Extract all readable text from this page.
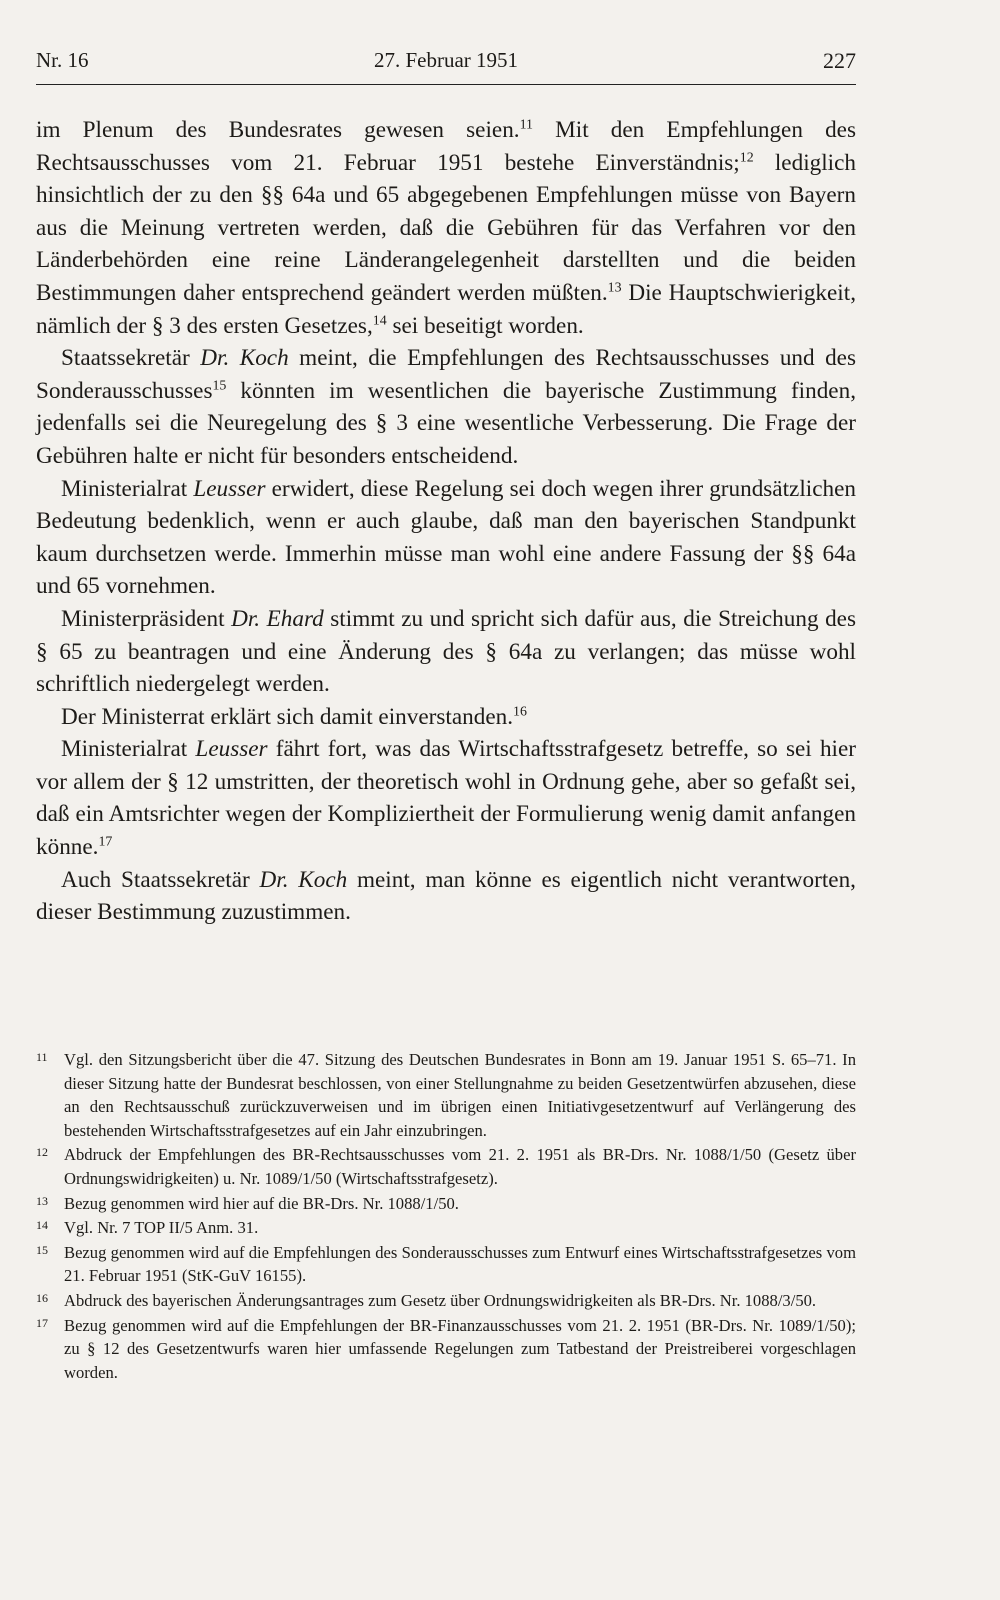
Nr. 16	27. Februar 1951	227

im Plenum des Bundesrates gewesen seien.$^{11}$ Mit den Empfehlungen des Rechtsausschusses vom 21. Februar 1951 bestehe Einverständnis;$^{12}$ lediglich hinsichtlich der zu den §§ 64a und 65 abgegebenen Empfehlungen müsse von Bayern aus die Meinung vertreten werden, daß die Gebühren für das Verfahren vor den Länderbehörden eine reine Länderangelegenheit darstellten und die beiden Bestimmungen daher entsprechend geändert werden müßten.$^{13}$ Die Hauptschwierigkeit, nämlich der § 3 des ersten Gesetzes,$^{14}$ sei beseitigt worden.

Staatssekretär Dr. Koch meint, die Empfehlungen des Rechtsausschusses und des Sonderausschusses$^{15}$ könnten im wesentlichen die bayerische Zustimmung finden, jedenfalls sei die Neuregelung des § 3 eine wesentliche Verbesserung. Die Frage der Gebühren halte er nicht für besonders entscheidend.

Ministerialrat Leusser erwidert, diese Regelung sei doch wegen ihrer grundsätzlichen Bedeutung bedenklich, wenn er auch glaube, daß man den bayerischen Standpunkt kaum durchsetzen werde. Immerhin müsse man wohl eine andere Fassung der §§ 64a und 65 vornehmen.

Ministerpräsident Dr. Ehard stimmt zu und spricht sich dafür aus, die Streichung des § 65 zu beantragen und eine Änderung des § 64a zu verlangen; das müsse wohl schriftlich niedergelegt werden.

Der Ministerrat erklärt sich damit einverstanden.$^{16}$

Ministerialrat Leusser fährt fort, was das Wirtschaftsstrafgesetz betreffe, so sei hier vor allem der § 12 umstritten, der theoretisch wohl in Ordnung gehe, aber so gefaßt sei, daß ein Amtsrichter wegen der Kompliziertheit der Formulierung wenig damit anfangen könne.$^{17}$

Auch Staatssekretär Dr. Koch meint, man könne es eigentlich nicht verantworten, dieser Bestimmung zuzustimmen.

11 Vgl. den Sitzungsbericht über die 47. Sitzung des Deutschen Bundesrates in Bonn am 19. Januar 1951 S. 65–71. In dieser Sitzung hatte der Bundesrat beschlossen, von einer Stellungnahme zu beiden Gesetzentwürfen abzusehen, diese an den Rechtsausschuß zurückzuverweisen und im übrigen einen Initiativgesetzentwurf auf Verlängerung des bestehenden Wirtschaftsstrafgesetzes auf ein Jahr einzubringen.
12 Abdruck der Empfehlungen des BR-Rechtsausschusses vom 21. 2. 1951 als BR-Drs. Nr. 1088/1/50 (Gesetz über Ordnungswidrigkeiten) u. Nr. 1089/1/50 (Wirtschaftsstrafgesetz).
13 Bezug genommen wird hier auf die BR-Drs. Nr. 1088/1/50.
14 Vgl. Nr. 7 TOP II/5 Anm. 31.
15 Bezug genommen wird auf die Empfehlungen des Sonderausschusses zum Entwurf eines Wirtschaftsstrafgesetzes vom 21. Februar 1951 (StK-GuV 16155).
16 Abdruck des bayerischen Änderungsantrages zum Gesetz über Ordnungswidrigkeiten als BR-Drs. Nr. 1088/3/50.
17 Bezug genommen wird auf die Empfehlungen der BR-Finanzausschusses vom 21. 2. 1951 (BR-Drs. Nr. 1089/1/50); zu § 12 des Gesetzentwurfs waren hier umfassende Regelungen zum Tatbestand der Preistreiberei vorgeschlagen worden.
